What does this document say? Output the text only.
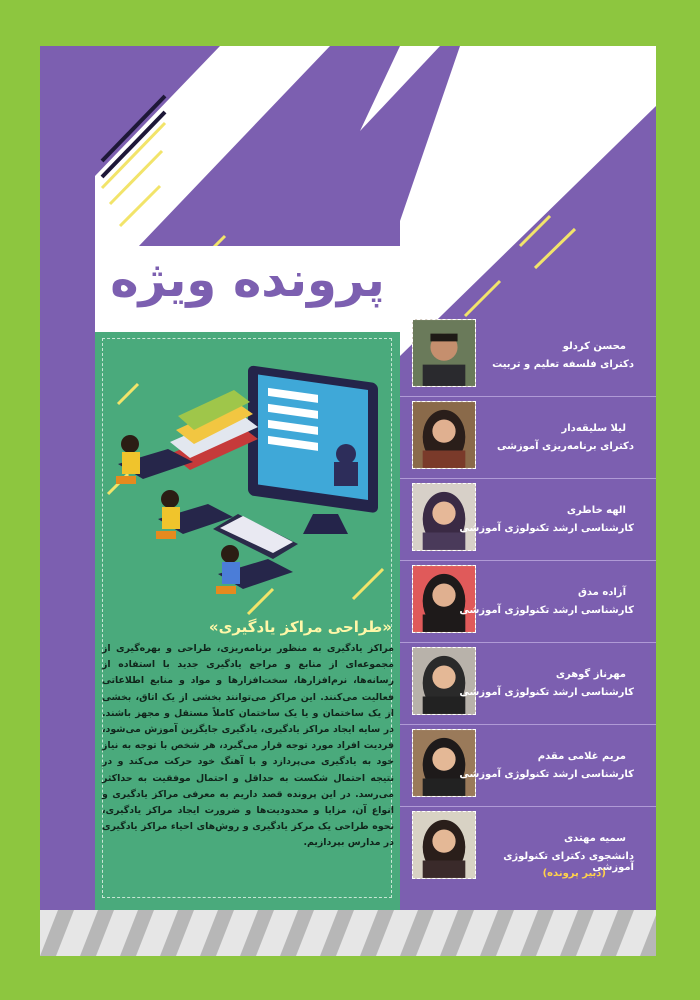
پرونده ویژه
«طراحی مراکز یادگیری»
مراکز یادگیری به منظور برنامه‌ریزی، طراحی و بهره‌گیری از مجموعه‌ای از منابع و مراجع یادگیری جدید با استفاده از رسانه‌ها، نرم‌افزارها، سخت‌افزارها و مواد و منابع اطلاعاتی فعالیت می‌کنند. این مراکز می‌توانند بخشی از یک اتاق، بخشی از یک ساختمان و یا یک ساختمان کاملاً مستقل و مجهز باشند. در سایه ایجاد مراکز یادگیری، یادگیری جایگزین آموزش می‌شود، فردیت افراد مورد توجه قرار می‌گیرد، هر شخص با توجه به نیاز خود به یادگیری می‌پردازد و با آهنگ خود حرکت می‌کند و در نتیجه احتمال شکست به حداقل و احتمال موفقیت به حداکثر می‌رسد. در این پرونده قصد داریم به معرفی مراکز یادگیری و انواع آن، مزایا و محدودیت‌ها و ضرورت ایجاد مراکز یادگیری، نحوه طراحی یک مرکز یادگیری و روش‌های احیاء مراکز یادگیری در مدارس بپردازیم.
محسن کردلو
دکترای فلسفه تعلیم و تربیت
لیلا سلیقه‌دار
دکترای برنامه‌ریزی آموزشی
الهه خاطری
کارشناسی ارشد تکنولوژی آموزشی
آزاده مدق
کارشناسی ارشد تکنولوژی آموزشی
مهرناز گوهری
کارشناسی ارشد تکنولوژی آموزشی
مریم غلامی مقدم
کارشناسی ارشد تکنولوژی آموزشی
سمیه مهتدی
دانشجوی دکترای تکنولوژی آموزشی
(دبیر پرونده)
